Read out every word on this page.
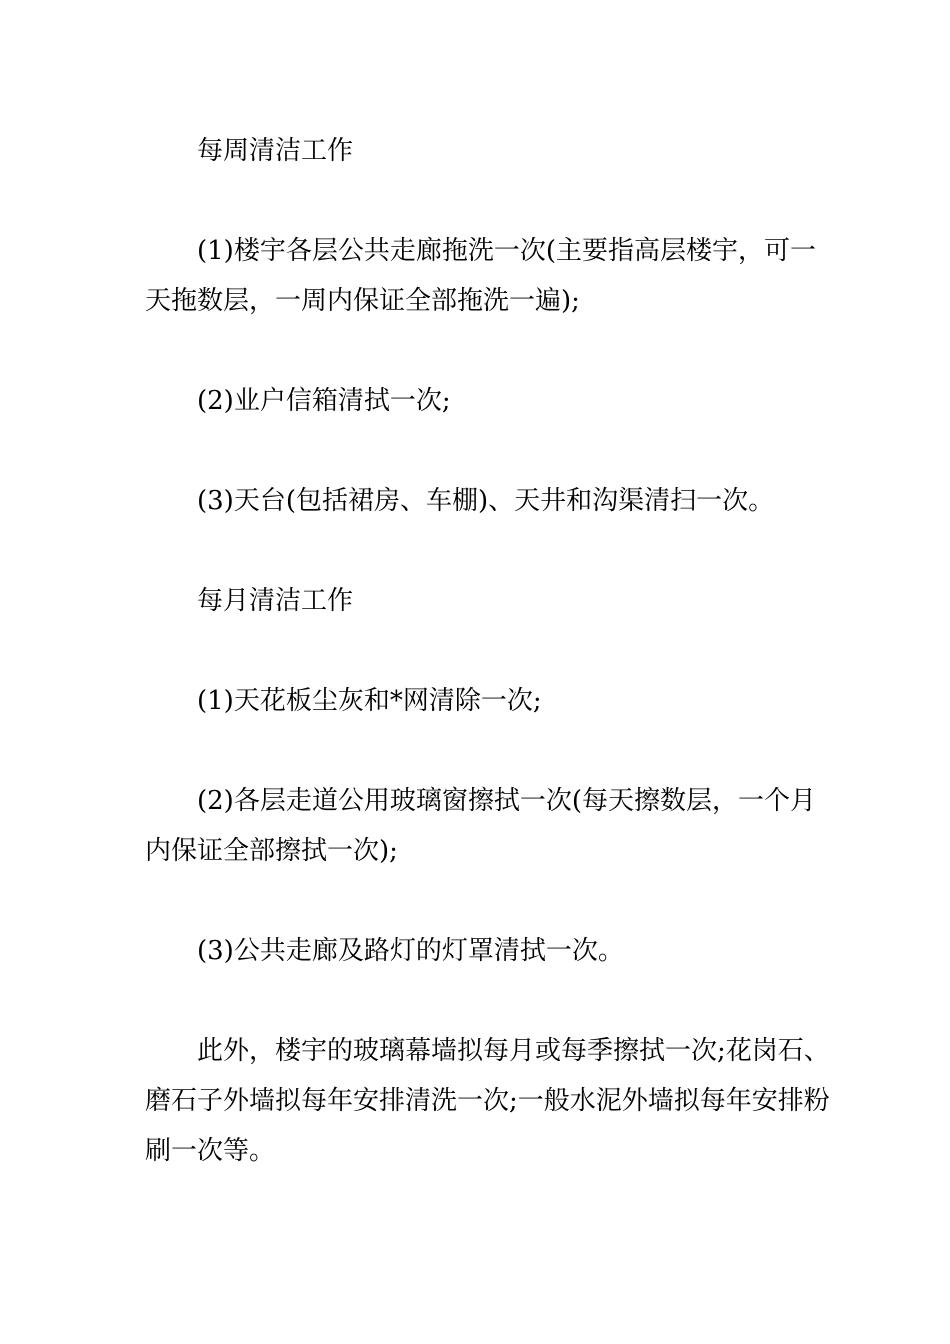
每周清洁工作

(1)楼宇各层公共走廊拖洗一次(主要指高层楼宇，可一天拖数层，一周内保证全部拖洗一遍);

(2)业户信箱清拭一次;

(3)天台(包括裙房、车棚)、天井和沟渠清扫一次。

每月清洁工作

(1)天花板尘灰和*网清除一次;

(2)各层走道公用玻璃窗擦拭一次(每天擦数层，一个月内保证全部擦拭一次);

(3)公共走廊及路灯的灯罩清拭一次。

此外，楼宇的玻璃幕墙拟每月或每季擦拭一次;花岗石、磨石子外墙拟每年安排清洗一次;一般水泥外墙拟每年安排粉刷一次等。
